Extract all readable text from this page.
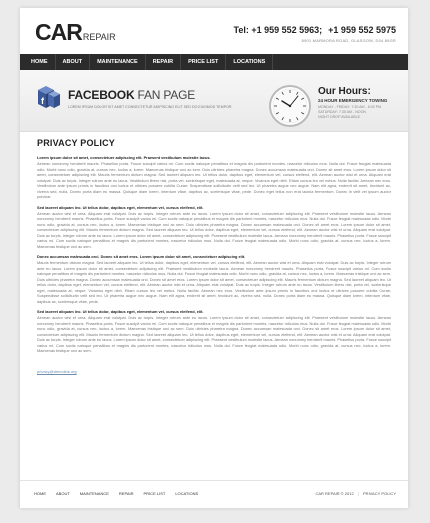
CARREPAIR
Tel: +1 959 552 5963; +1 959 552 5975
8901 MARMORA ROAD, GLASGOW, D04 89GR
HOME	ABOUT	MAINTENANCE	REPAIR	PRICE LIST	LOCATIONS
f FACEBOOK FAN PAGE
LOREM IPSUM DOLOR SIT AMET CONSECTETUR ADIPISCING ELIT SED DO EIUSMOD TEMPOR
Our Hours:
24 HOUR EMERGENCY TOWING
MONDAY - FRIDAY: 7:30 AM - 6:00 PM
SATURDAY: 7:30 AM - NOON
NIGHT DROP AVAILABLE
PRIVACY POLICY
Lorem ipsum dolor sit amet, consectetuer adipiscing elit. Praesent vestibulum molestie lacus.
Aenean nonummy hendrerit mauris. Phasellus porta. Fusce suscipit varius mi. Cum sociis natoque penatibus et magnis dis parturient montes, nascetur ridiculus mus. Nulla dui. Fusce feugiat malesuada odio. Morbi nunc odio, gravida at, cursus nec, luctus a, lorem. Maecenas tristique orci ac sem. Duis ultricies pharetra magna. Donec accumsan malesuada orci. Donec sit amet eros. Lorem ipsum dolor sit amet, consectetuer adipiscing elit. Mauris fermentum dictum magna. Sed laoreet aliquam leo. Ut tellus dolor, dapibus eget, elementum vel, cursus eleifend, elit. Aenean auctor wisi et urna. Aliquam erat volutpat. Duis ac turpis. Integer rutrum ante eu lacus. Vestibulum libero nisl, porta vel, scelerisque eget, malesuada at, neque. Vivamus eget nibh. Etiam cursus leo vel metus. Nulla facilisi. Aenean nec eros. Vestibulum ante ipsum primis in faucibus orci luctus et ultrices posuere cubilia Curae; Suspendisse sollicitudin velit sed leo. Ut pharetra augue nec augue. Nam elit agna, endrerit sit amet, tincidunt ac, viverra sed, nulla. Donec porta diam eu massa. Quisque diam lorem, interdum vitae, dapibus ac, scelerisque vitae, pede. Donec eget tellus non erat lacinia fermentum. Donec in velit vel ipsum auctor pulvinar.
Sed laoreet aliquam leo. Ut tellus dolor, dapibus eget, elementum vel, cursus eleifend, elit.
Aenean auctor wisi et urna. Aliquam erat volutpat. Duis ac turpis. Integer rutrum ante eu lacus. Lorem ipsum dolor sit amet, consectetuer adipiscing elit. Praesent vestibulum molestie lacus. Aenean nonummy hendrerit mauris. Phasellus porta. Fusce suscipit varius mi. Cum sociis natoque penatibus et magnis dis parturient montes, nascetur ridiculus mus. Nulla dui. Fusce feugiat malesuada odio. Morbi nunc odio, gravida at, cursus nec, luctus a, lorem. Maecenas tristique orci ac sem. Duis ultricies pharetra magna. Donec accumsan malesuada orci. Donec sit amet eros. Lorem ipsum dolor sit amet, consectetuer adipiscing elit. Mauris fermentum dictum magna. Sed laoreet aliquam leo. Ut tellus dolor, dapibus eget, elementum vel, cursus eleifend, elit. Aenean auctor wisi et urna. Aliquam erat volutpat. Duis ac turpis. Integer rutrum ante eu lacus. Lorem ipsum dolor sit amet, consectetuer adipiscing elit. Praesent vestibulum molestie lacus. Aenean nonummy hendrerit mauris. Phasellus porta. Fusce suscipit varius mi. Cum sociis natoque penatibus et magnis dis parturient montes, nascetur ridiculus mus. Nulla dui. Fusce feugiat malesuada odio. Morbi nunc odio, gravida at, cursus nec, luctus a, lorem. Maecenas tristique orci ac sem.
Donec accumsan malesuada orci. Donec sit amet eros. Lorem ipsum dolor sit amet, consectetuer adipiscing elit.
Mauris fermentum dictum magna. Sed laoreet aliquam leo. Ut tellus dolor, dapibus eget, elementum vel, cursus eleifend, elit. Aenean auctor wisi et urna. Aliquam erat volutpat. Duis ac turpis. Integer rutrum ante eu lacus. Lorem ipsum dolor sit amet, consectetuer adipiscing elit. Praesent vestibulum molestie lacus. Aenean nonummy hendrerit mauris. Phasellus porta. Fusce suscipit varius mi. Cum sociis natoque penatibus et magnis dis parturient montes, nascetur ridiculus mus. Nulla dui. Fusce feugiat malesuada odio. Morbi nunc odio, gravida at, cursus nec, luctus a, lorem. Maecenas tristique orci ac sem. Duis ultricies pharetra magna. Donec accumsan malesuada orci. Donec sit amet eros. Lorem ipsum dolor sit amet, consectetuer adipiscing elit. Mauris fermentum dictum magna. Sed laoreet aliquam leo. Ut tellus dolor, dapibus eget, elementum vel, cursus eleifend, elit. Aenean auctor wisi et urna. Aliquam erat volutpat. Duis ac turpis. Integer rutrum ante eu lacus. Vestibulum libero nisl, porta vel, scelerisque eget, malesuada at, neque. Vivamus eget nibh. Etiam cursus leo vel metus. Nulla facilisi. Aenean nec eros. Vestibulum ante ipsum primis in faucibus orci luctus et ultrices posuere cubilia Curae; Suspendisse sollicitudin velit sed leo. Ut pharetra augue nec augue. Nam elit agna, endrerit sit amet, tincidunt ac, viverra sed, nulla. Donec porta diam eu massa. Quisque diam lorem, interdum vitae, dapibus ac, scelerisque vitae, pede.
Sed laoreet aliquam leo. Ut tellus dolor, dapibus eget, elementum vel, cursus eleifend, elit.
Aenean auctor wisi et urna. Aliquam erat volutpat. Duis ac turpis. Integer rutrum ante eu lacus. Lorem ipsum dolor sit amet, consectetuer adipiscing elit. Praesent vestibulum molestie lacus. Aenean nonummy hendrerit mauris. Phasellus porta. Fusce suscipit varius mi. Cum sociis natoque penatibus et magnis dis parturient montes, nascetur ridiculus mus. Nulla dui. Fusce feugiat malesuada odio. Morbi nunc odio, gravida at, cursus nec, luctus a, lorem. Maecenas tristique orci ac sem. Duis ultricies pharetra magna. Donec accumsan malesuada orci. Donec sit amet eros. Lorem ipsum dolor sit amet, consectetuer adipiscing elit. Mauris fermentum dictum magna. Sed laoreet aliquam leo. Ut tellus dolor, dapibus eget, elementum vel, cursus eleifend, elit. Aenean auctor wisi et urna. Aliquam erat volutpat. Duis ac turpis. Integer rutrum ante eu lacus. Lorem ipsum dolor sit amet, consectetuer adipiscing elit. Praesent vestibulum molestie lacus. Aenean nonummy hendrerit mauris. Phasellus porta. Fusce suscipit varius mi. Cum sociis natoque penatibus et magnis dis parturient montes, nascetur ridiculus mus. Nulla dui. Fusce feugiat malesuada odio. Morbi nunc odio, gravida at, cursus nec, luctus a, lorem. Maecenas tristique orci ac sem.
privacy@demolink.org
HOME	ABOUT	MAINTENANCE	REPAIR	PRICE LIST	LOCATIONS	CAR REPAIR © 2012 | PRIVACY POLICY
